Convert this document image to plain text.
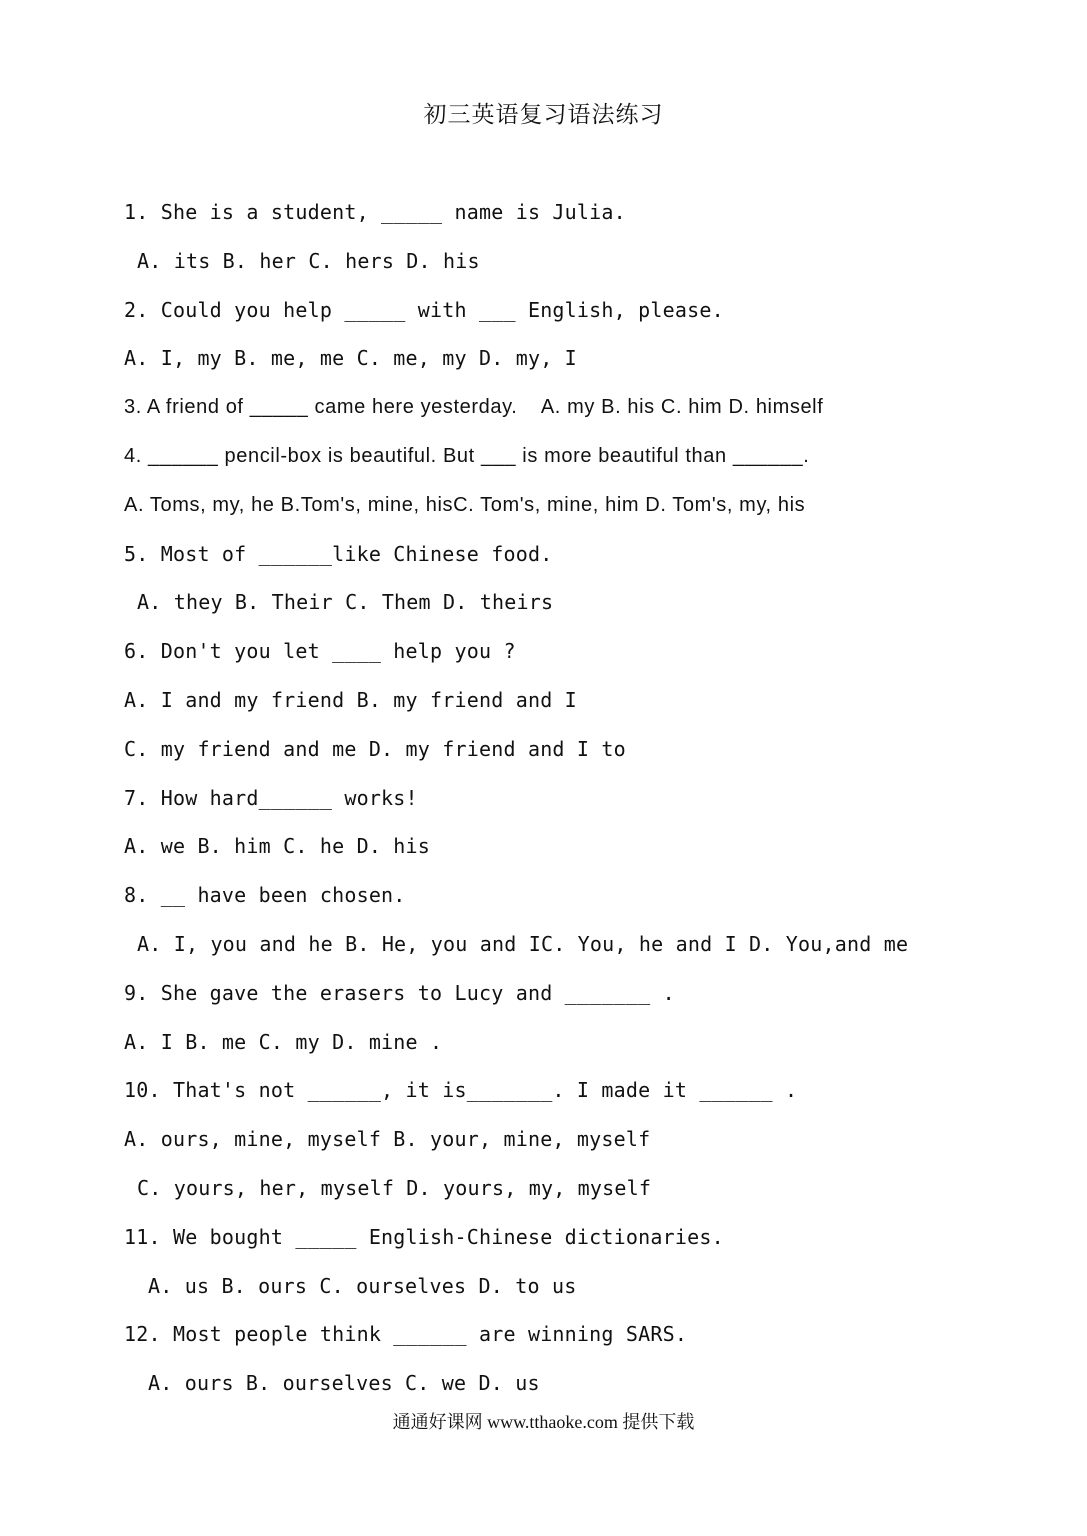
初三英语复习语法练习
1. She is a student, _____ name is Julia.
A. its B. her C. hers D. his
2. Could you help _____ with ___ English, please.
A. I, my B. me, me C. me, my D. my, I
3. A friend of _____ came here yesterday.    A. my B. his C. him D. himself
4. ______ pencil-box is beautiful. But ___ is more beautiful than ______.
A. Toms, my, he B.Tom's, mine, hisC. Tom's, mine, him D. Tom's, my, his
5. Most of ______like Chinese food.
A. they B. Their C. Them D. theirs
6. Don't you let ____ help you ?
A. I and my friend B. my friend and I
C. my friend and me D. my friend and I to
7. How hard______ works!
A. we B. him C. he D. his
8. __ have been chosen.
A. I, you and he B. He, you and IC. You, he and I D. You,and me
9. She gave the erasers to Lucy and _______ .
A. I B. me C. my D. mine .
10. That's not ______, it is_______. I made it ______ .
A. ours, mine, myself B. your, mine, myself
C. yours, her, myself D. yours, my, myself
11. We bought _____ English-Chinese dictionaries.
A. us B. ours C. ourselves D. to us
12. Most people think ______ are winning SARS.
A. ours B. ourselves C. we D. us
通通好课网 www.tthaoke.com 提供下载
